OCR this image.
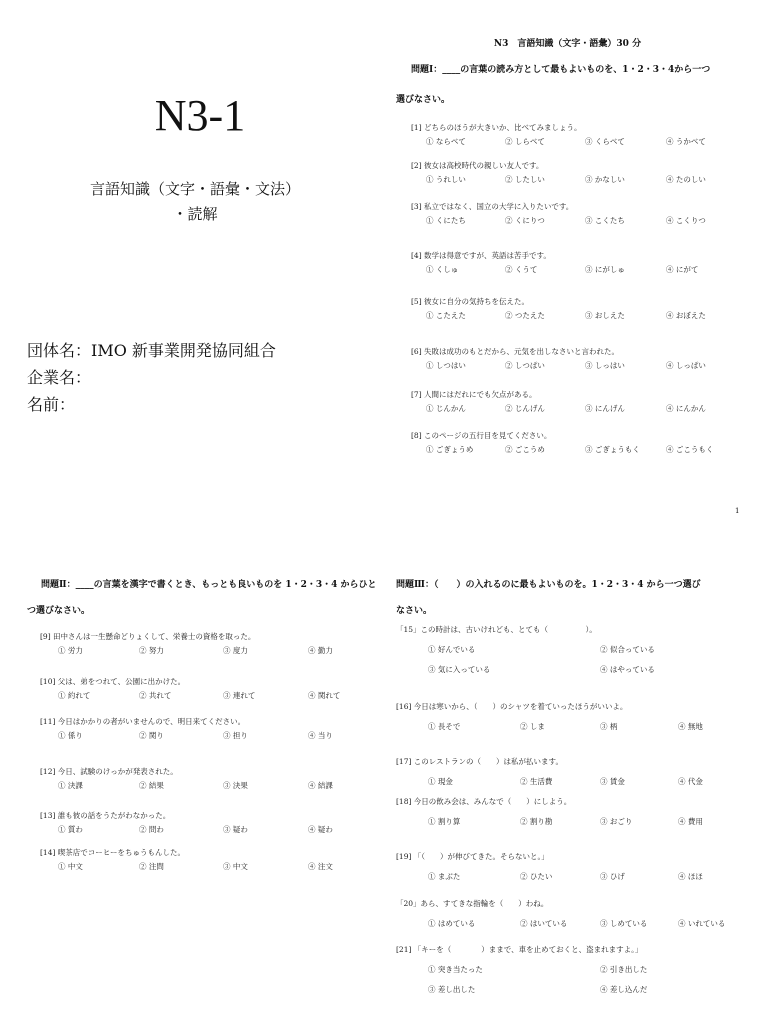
N3-1
言語知識（文字・語彙・文法）
・読解
団体名：IMO 新事業開発協同組合
企業名：
名前：
N3　言語知識（文字・語彙）30 分
問題Ⅰ：____の言葉の読み方として最もよいものを、1・2・3・4から一つ
選びなさい。
[1] どちらのほうが大きいか、比べてみましょう。
① ならべて	② しらべて	③ くらべて	④ うかべて
[2] 彼女は高校時代の親しい友人です。
① うれしい	② したしい	③ かなしい	④ たのしい
[3] 私立ではなく、国立の大学に入りたいです。
① くにたち	② くにりつ	③ こくたち	④ こくりつ
[4] 数学は得意ですが、英語は苦手です。
① くしゅ	② くうて	③ にがしゅ	④ にがて
[5] 彼女に自分の気持ちを伝えた。
① こたえた	② つたえた	③ おしえた	④ おぼえた
[6] 失敗は成功のもとだから、元気を出しなさいと言われた。
① しつはい	② しつぱい	③ しっはい	④ しっぱい
[7] 人間にはだれにでも欠点がある。
① じんかん	② じんげん	③ にんげん	④ にんかん
[8] このページの五行目を見てください。
① ごぎょうめ	② ごこうめ	③ ごぎょうもく	④ ごこうもく
1
問題Ⅱ：____の言葉を漢字で書くとき、もっとも良いものを 1・2・3・4 からひと
つ選びなさい。
[9] 田中さんは一生懸命どりょくして、栄養士の資格を取った。
① 労力	② 努力	③ 度力	④ 勤力
[10] 父は、弟をつれて、公園に出かけた。
① 約れて	② 共れて	③ 連れて	④ 関れて
[11] 今日はかかりの者がいませんので、明日来てください。
① 係り	② 関り	③ 担り	④ 当り
[12] 今日、試験のけっかが発表された。
① 決課	② 結果	③ 決果	④ 結課
[13] 誰も彼の話をうたがわなかった。
① 質わ	② 問わ	③ 疑わ	④ 疑わ
[14] 喫茶店でコーヒーをちゅうもんした。
① 中文	② 注問	③ 中文	④ 注文
問題Ⅲ：（　　）の入れるのに最もよいものを。1・2・3・4 から一つ選び
なさい。
「15」この時計は、古いけれども、とても（　　　　　）。
① 好んでいる	② 似合っている
③ 気に入っている	④ はやっている
[16] 今日は寒いから、（　　）のシャツを着ていったほうがいいよ。
① 長そで	② しま	③ 柄	④ 無地
[17] このレストランの（　　）は私が払います。
① 現金	② 生活費	③ 賃金	④ 代金
[18] 今日の飲み会は、みんなで（　　）にしよう。
① 割り算	② 割り勘	③ おごり	④ 費用
[19] 「（　　）が伸びてきた。そらないと。」
① まぶた	② ひたい	③ ひげ	④ ほほ
「20」あら、すてきな指輪を（　　）わね。
① はめている	② はいている	③ しめている	④ いれている
[21] 「キーを（　　　　）ままで、車を止めておくと、盗まれますよ。」
① 突き当たった	② 引き出した
③ 差し出した	④ 差し込んだ
